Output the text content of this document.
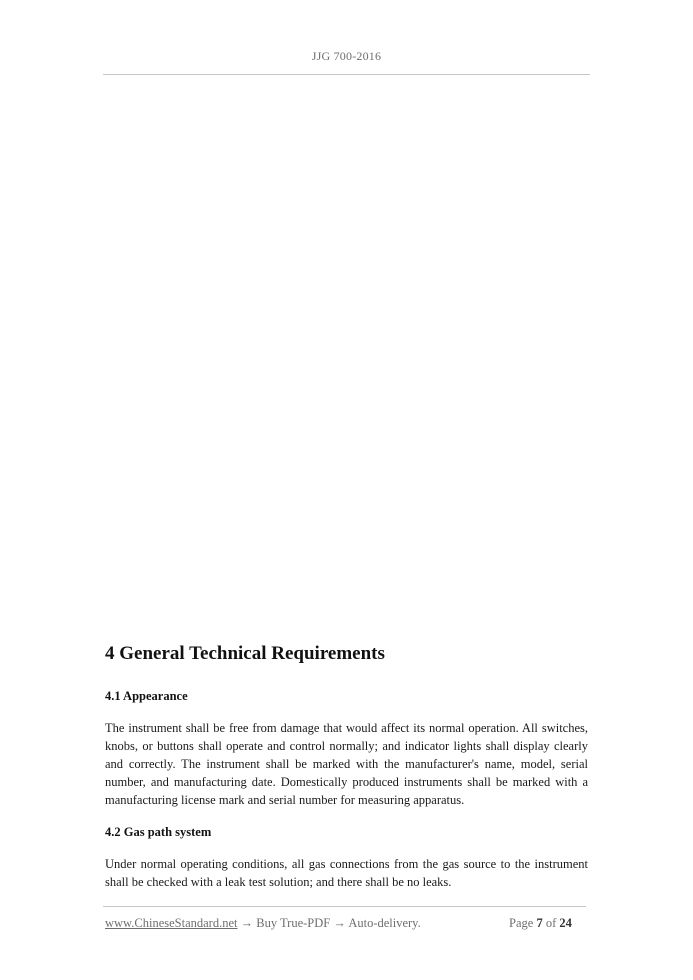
JJG 700-2016
4 General Technical Requirements
4.1 Appearance
The instrument shall be free from damage that would affect its normal operation. All switches, knobs, or buttons shall operate and control normally; and indicator lights shall display clearly and correctly. The instrument shall be marked with the manufacturer's name, model, serial number, and manufacturing date. Domestically produced instruments shall be marked with a manufacturing license mark and serial number for measuring apparatus.
4.2 Gas path system
Under normal operating conditions, all gas connections from the gas source to the instrument shall be checked with a leak test solution; and there shall be no leaks.
www.ChineseStandard.net → Buy True-PDF → Auto-delivery.	Page 7 of 24
